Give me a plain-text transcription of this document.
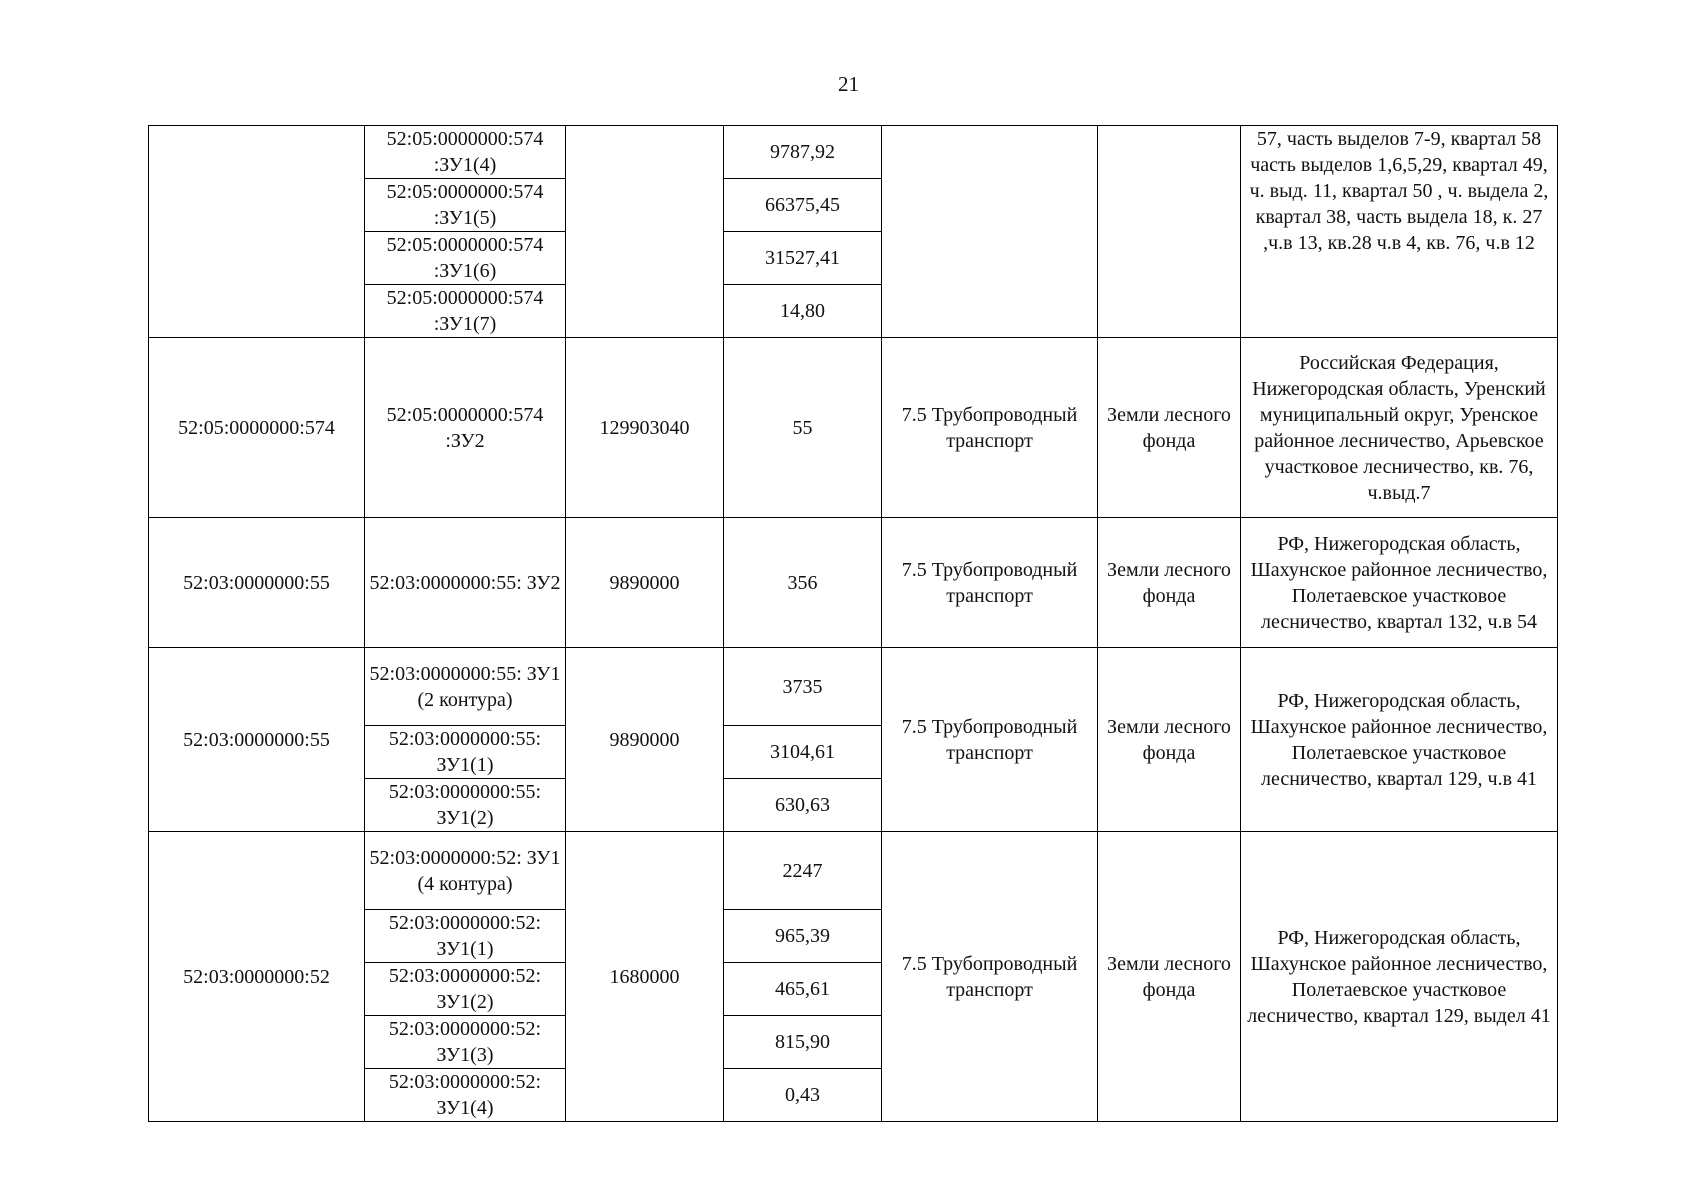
21
	52:05:0000000:574 :ЗУ1(4)		9787,92			57, часть выделов 7-9, квартал 58 часть выделов 1,6,5,29, квартал 49, ч. выд. 11, квартал 50 , ч. выдела 2, квартал 38, часть выдела 18, к. 27 ,ч.в 13, кв.28 ч.в 4, кв. 76, ч.в 12
	52:05:0000000:574 :ЗУ1(5)		66375,45			
	52:05:0000000:574 :ЗУ1(6)		31527,41			
	52:05:0000000:574 :ЗУ1(7)		14,80			
52:05:0000000:574	52:05:0000000:574 :ЗУ2	129903040	55	7.5 Трубопроводный транспорт	Земли лесного фонда	Российская Федерация, Нижегородская область, Уренский муниципальный округ, Уренское районное лесничество, Арьевское участковое лесничество, кв. 76, ч.выд.7
52:03:0000000:55	52:03:0000000:55: ЗУ2	9890000	356	7.5 Трубопроводный транспорт	Земли лесного фонда	РФ, Нижегородская область, Шахунское районное лесничество, Полетаевское участковое лесничество, квартал 132, ч.в 54
52:03:0000000:55	52:03:0000000:55: ЗУ1 (2 контура)	9890000	3735	7.5 Трубопроводный транспорт	Земли лесного фонда	РФ, Нижегородская область, Шахунское районное лесничество, Полетаевское участковое лесничество, квартал 129, ч.в 41
	52:03:0000000:55: ЗУ1(1)		3104,61			
	52:03:0000000:55: ЗУ1(2)		630,63			
52:03:0000000:52	52:03:0000000:52: ЗУ1 (4 контура)	1680000	2247	7.5 Трубопроводный транспорт	Земли лесного фонда	РФ, Нижегородская область, Шахунское районное лесничество, Полетаевское участковое лесничество, квартал 129, выдел 41
	52:03:0000000:52: ЗУ1(1)		965,39			
	52:03:0000000:52: ЗУ1(2)		465,61			
	52:03:0000000:52: ЗУ1(3)		815,90			
	52:03:0000000:52: ЗУ1(4)		0,43			
